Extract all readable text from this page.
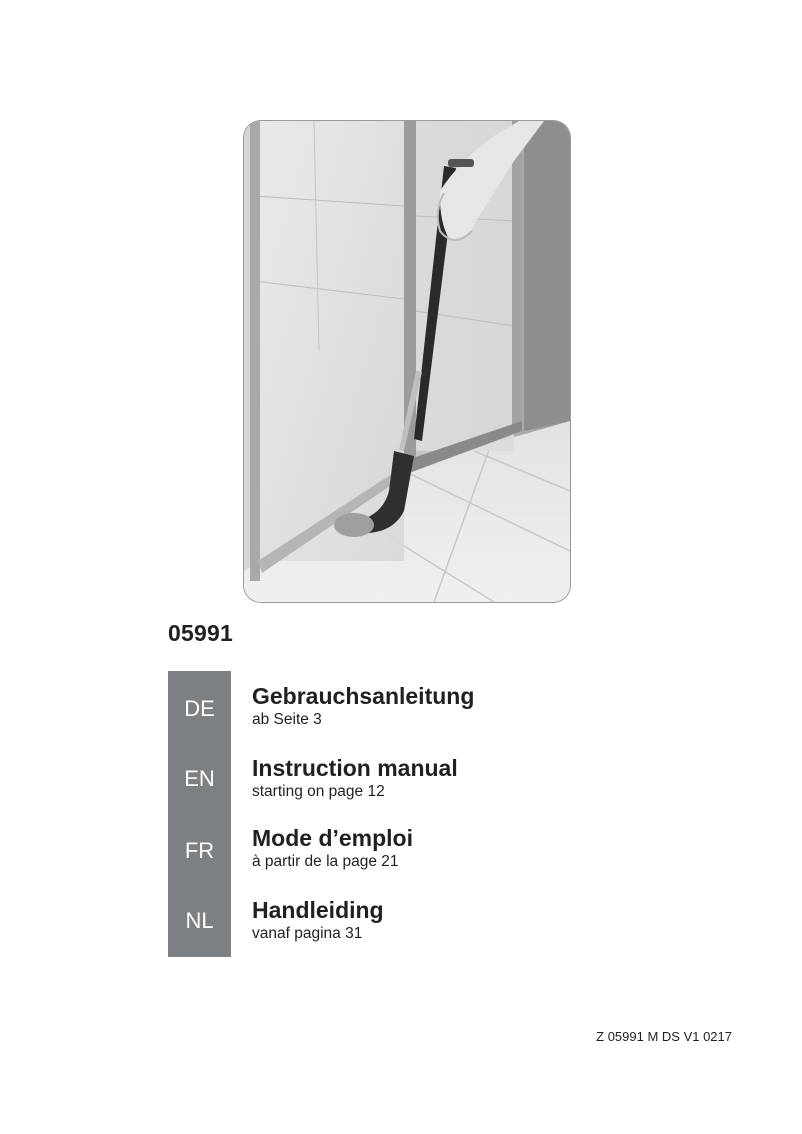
05991
DE
EN
FR
NL
Gebrauchsanleitung
ab Seite 3
Instruction manual
starting on page 12
Mode d’emploi
à partir de la page 21
Handleiding
vanaf pagina 31
Z 05991 M DS V1 0217
